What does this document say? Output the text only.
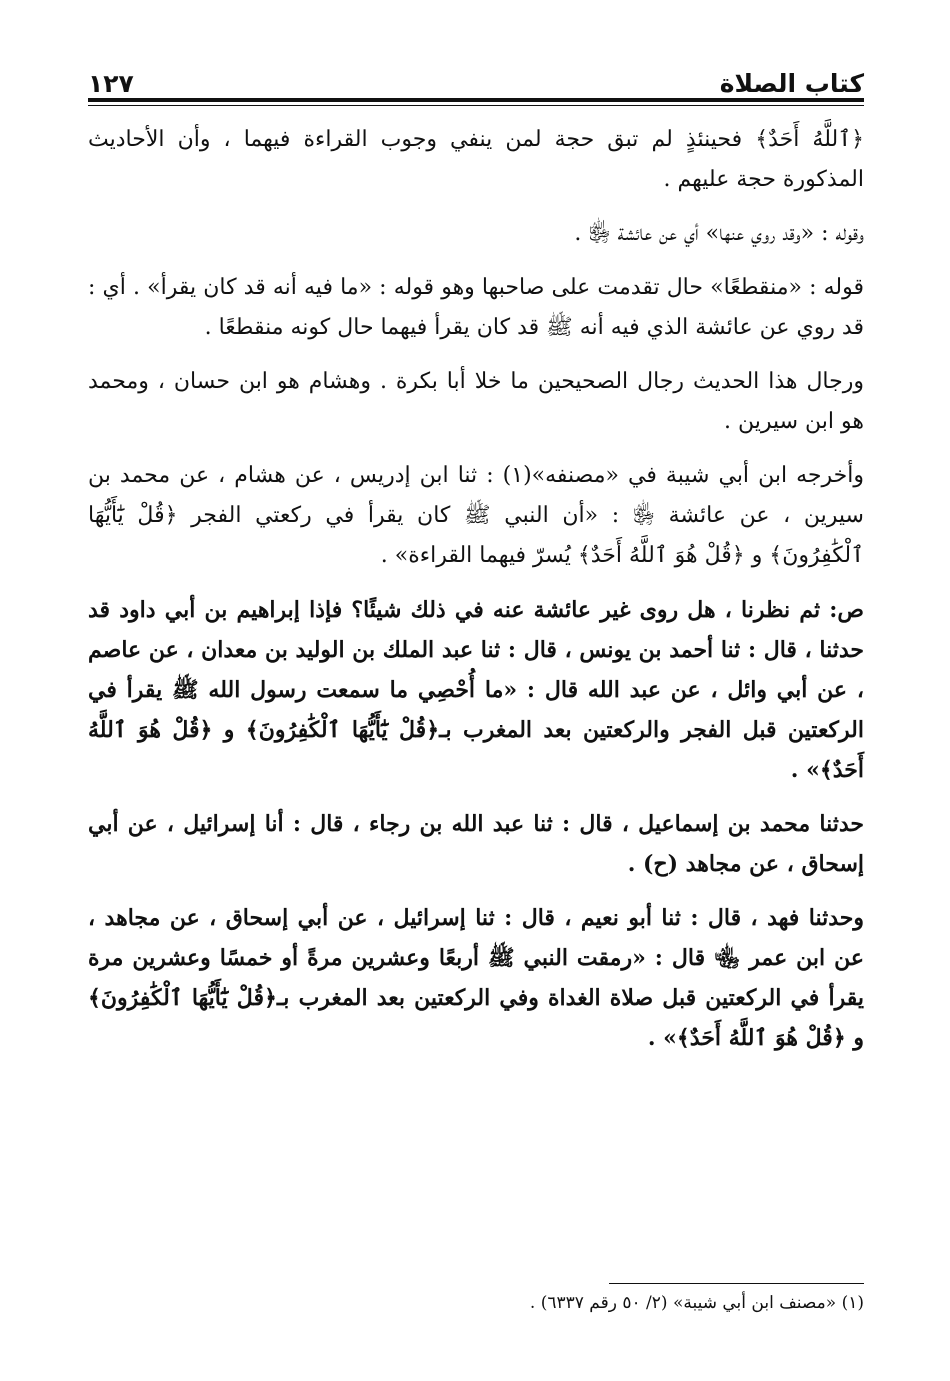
كتاب الصلاة
١٢٧

﴿ٱللَّهُ أَحَدٌ﴾ فحينئذٍ لم تبق حجة لمن ينفي وجوب القراءة فيهما ، وأن الأحاديث المذكورة حجة عليهم .

وقوله : «وقد روي عنها» أي عن عائشة ﵂ .

قوله : «منقطعًا» حال تقدمت على صاحبها وهو قوله : «ما فيه أنه قد كان يقرأ» . أي : قد روي عن عائشة الذي فيه أنه ﷺ قد كان يقرأ فيهما حال كونه منقطعًا .

ورجال هذا الحديث رجال الصحيحين ما خلا أبا بكرة . وهشام هو ابن حسان ، ومحمد هو ابن سيرين .

وأخرجه ابن أبي شيبة في «مصنفه»(١) : ثنا ابن إدريس ، عن هشام ، عن محمد بن سيرين ، عن عائشة ﵂ : «أن النبي ﷺ كان يقرأ في ركعتي الفجر ﴿قُلْ يَٰٓأَيُّهَا ٱلْكَٰفِرُونَ﴾ و ﴿قُلْ هُوَ ٱللَّهُ أَحَدٌ﴾ يُسرّ فيهما القراءة» .

ص: ثم نظرنا ، هل روى غير عائشة عنه في ذلك شيئًا؟ فإذا إبراهيم بن أبي داود قد حدثنا ، قال : ثنا أحمد بن يونس ، قال : ثنا عبد الملك بن الوليد بن معدان ، عن عاصم ، عن أبي وائل ، عن عبد الله قال : «ما أُحْصِي ما سمعت رسول الله ﷺ يقرأ في الركعتين قبل الفجر والركعتين بعد المغرب بـ﴿قُلْ يَٰٓأَيُّهَا ٱلْكَٰفِرُونَ﴾ و ﴿قُلْ هُوَ ٱللَّهُ أَحَدٌ﴾» .

حدثنا محمد بن إسماعيل ، قال : ثنا عبد الله بن رجاء ، قال : أنا إسرائيل ، عن أبي إسحاق ، عن مجاهد (ح) .

وحدثنا فهد ، قال : ثنا أبو نعيم ، قال : ثنا إسرائيل ، عن أبي إسحاق ، عن مجاهد ، عن ابن عمر ﵄ قال : «رمقت النبي ﷺ أربعًا وعشرين مرةً أو خمسًا وعشرين مرة يقرأ في الركعتين قبل صلاة الغداة وفي الركعتين بعد المغرب بـ﴿قُلْ يَٰٓأَيُّهَا ٱلْكَٰفِرُونَ﴾ و ﴿قُلْ هُوَ ٱللَّهُ أَحَدٌ﴾» .

(١) «مصنف ابن أبي شيبة» (٢/ ٥٠ رقم ٦٣٣٧) .
